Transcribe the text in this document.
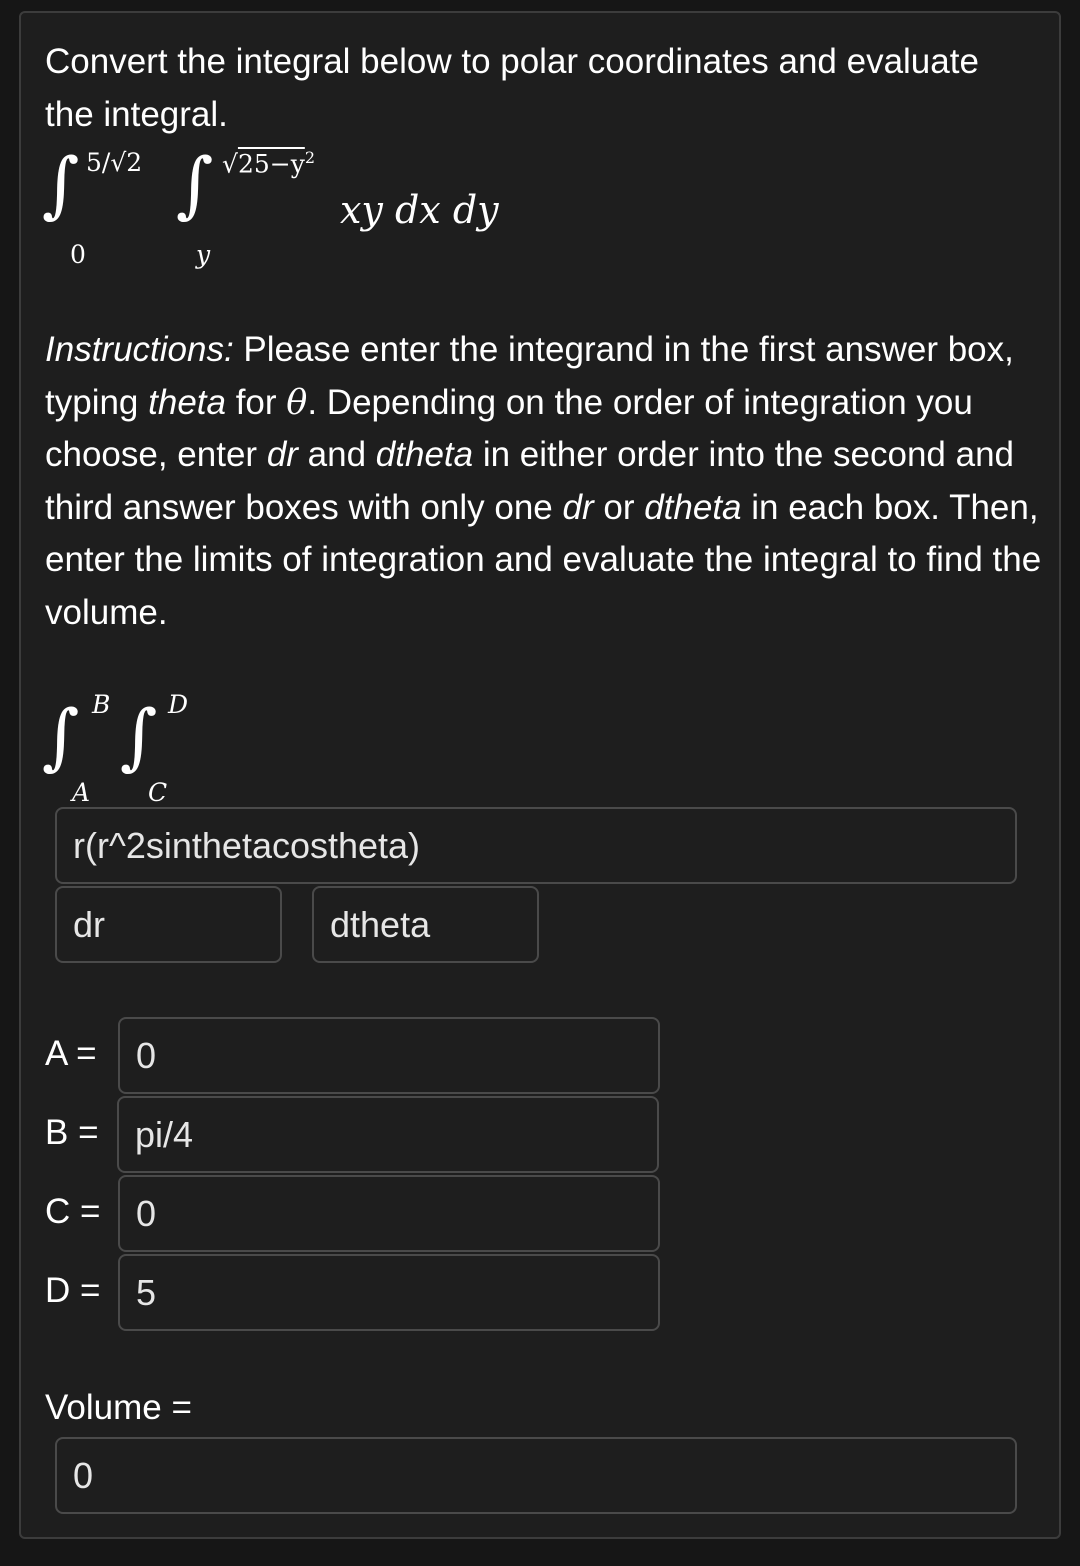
Convert the integral below to polar coordinates and evaluate
the integral.

∫ 5/√2
0
∫ $√25-y^2$
y
xy dx dy

Instructions: Please enter the integrand in the first answer box, typing theta for θ. Depending on the order of integration you choose, enter dr and dtheta in either order into the second and third answer boxes with only one dr or dtheta in each box. Then, enter the limits of integration and evaluate the integral to find the volume.

∫ B
A
∫ D
C
r(r^2sinthetacostheta)
dr	dtheta
A =	0
B =	pi/4
C = 0
D = 5
Volume =
0
